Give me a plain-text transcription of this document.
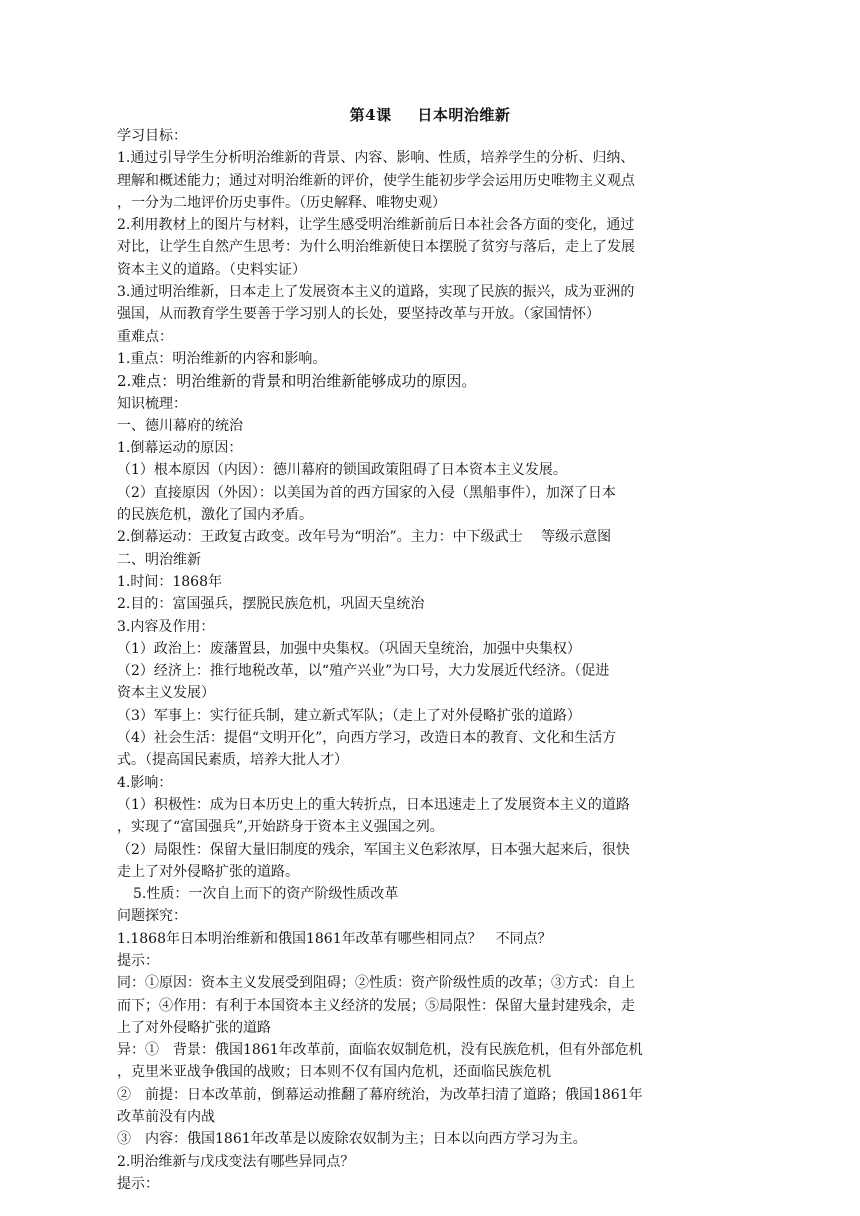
第4课 日本明治维新
学习目标：
1.通过引导学生分析明治维新的背景、内容、影响、性质，培养学生的分析、归纳、
理解和概述能力；通过对明治维新的评价，使学生能初步学会运用历史唯物主义观点
，一分为二地评价历史事件。（历史解释、唯物史观）
2.利用教材上的图片与材料，让学生感受明治维新前后日本社会各方面的变化，通过
对比，让学生自然产生思考：为什么明治维新使日本摆脱了贫穷与落后，走上了发展
资本主义的道路。（史料实证）
3.通过明治维新，日本走上了发展资本主义的道路，实现了民族的振兴，成为亚洲的
强国，从而教育学生要善于学习别人的长处，要坚持改革与开放。（家国情怀）
重难点：
1.重点：明治维新的内容和影响。
2.难点：明治维新的背景和明治维新能够成功的原因。
知识梳理：
一、德川幕府的统治
1.倒幕运动的原因：
（1）根本原因（内因）：德川幕府的锁国政策阻碍了日本资本主义发展。
（2）直接原因（外因）：以美国为首的西方国家的入侵（黑船事件），加深了日本
的民族危机，激化了国内矛盾。
2.倒幕运动：王政复古政变。改年号为“明治”。主力：中下级武士　 等级示意图
二、明治维新
1.时间：1868年
2.目的：富国强兵，摆脱民族危机，巩固天皇统治
3.内容及作用：
（1）政治上：废藩置县，加强中央集权。（巩固天皇统治，加强中央集权）
（2）经济上：推行地税改革，以“殖产兴业”为口号，大力发展近代经济。（促进
资本主义发展）
（3）军事上：实行征兵制，建立新式军队；（走上了对外侵略扩张的道路）
（4）社会生活：提倡“文明开化”，向西方学习，改造日本的教育、文化和生活方
式。（提高国民素质，培养大批人才）
4.影响：
（1）积极性：成为日本历史上的重大转折点，日本迅速走上了发展资本主义的道路
，实现了“富国强兵”,开始跻身于资本主义强国之列。
（2）局限性：保留大量旧制度的残余，军国主义色彩浓厚，日本强大起来后，很快
走上了对外侵略扩张的道路。
5.性质：一次自上而下的资产阶级性质改革
问题探究：
1.1868年日本明治维新和俄国1861年改革有哪些相同点？　不同点？
提示：
同：①原因：资本主义发展受到阻碍；②性质：资产阶级性质的改革；③方式：自上
而下；④作用：有利于本国资本主义经济的发展；⑤局限性：保留大量封建残余，走
上了对外侵略扩张的道路
异：①　背景：俄国1861年改革前，面临农奴制危机，没有民族危机，但有外部危机
，克里米亚战争俄国的战败；日本则不仅有国内危机，还面临民族危机
②　前提：日本改革前，倒幕运动推翻了幕府统治，为改革扫清了道路；俄国1861年
改革前没有内战
③　内容：俄国1861年改革是以废除农奴制为主；日本以向西方学习为主。
2.明治维新与戊戌变法有哪些异同点？
提示：
